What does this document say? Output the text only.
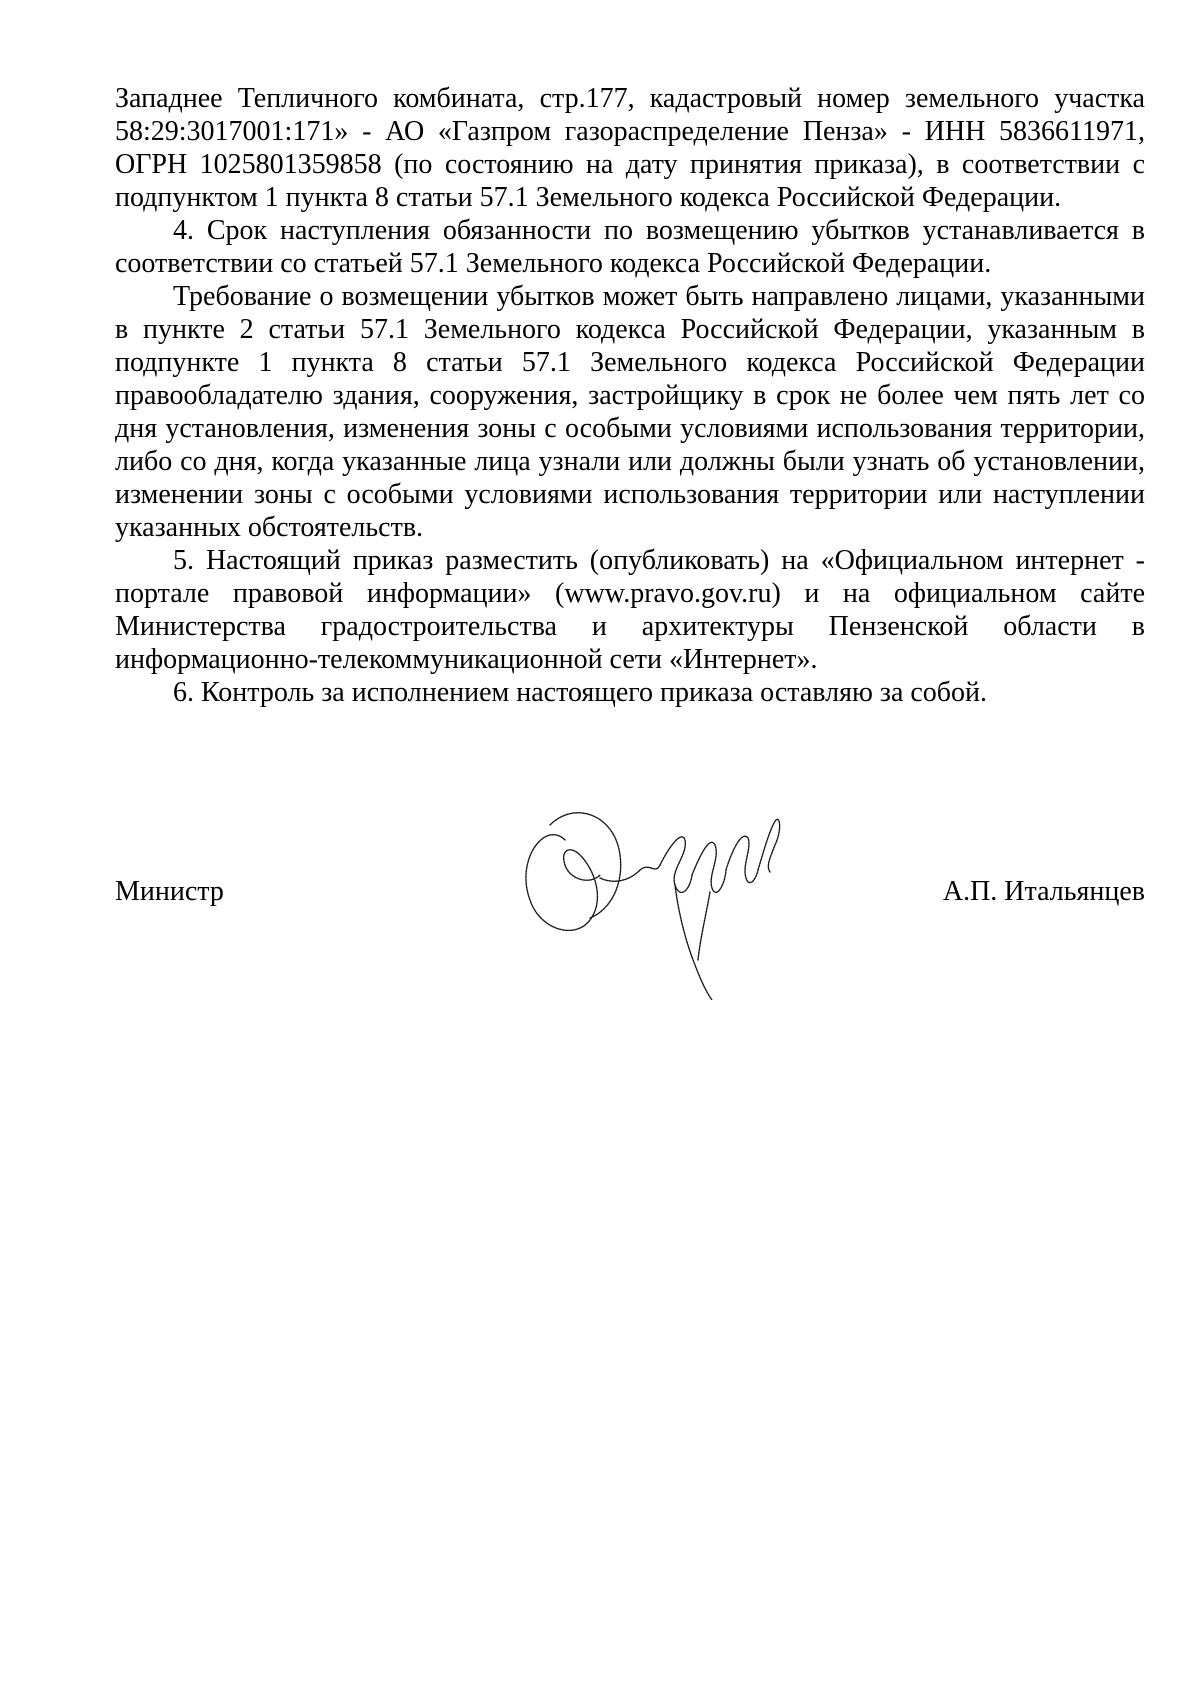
Западнее Тепличного комбината, стр.177, кадастровый номер земельного участка 58:29:3017001:171» - АО «Газпром газораспределение Пенза» - ИНН 5836611971, ОГРН 1025801359858 (по состоянию на дату принятия приказа), в соответствии с подпунктом 1 пункта 8 статьи 57.1 Земельного кодекса Российской Федерации.

4. Срок наступления обязанности по возмещению убытков устанавливается в соответствии со статьей 57.1 Земельного кодекса Российской Федерации.

Требование о возмещении убытков может быть направлено лицами, указанными в пункте 2 статьи 57.1 Земельного кодекса Российской Федерации, указанным в подпункте 1 пункта 8 статьи 57.1 Земельного кодекса Российской Федерации правообладателю здания, сооружения, застройщику в срок не более чем пять лет со дня установления, изменения зоны с особыми условиями использования территории, либо со дня, когда указанные лица узнали или должны были узнать об установлении, изменении зоны с особыми условиями использования территории или наступлении указанных обстоятельств.

5. Настоящий приказ разместить (опубликовать) на «Официальном интернет - портале правовой информации» (www.pravo.gov.ru) и на официальном сайте Министерства градостроительства и архитектуры Пензенской области в информационно-телекоммуникационной сети «Интернет».

6. Контроль за исполнением настоящего приказа оставляю за собой.

Министр	А.П. Итальянцев
